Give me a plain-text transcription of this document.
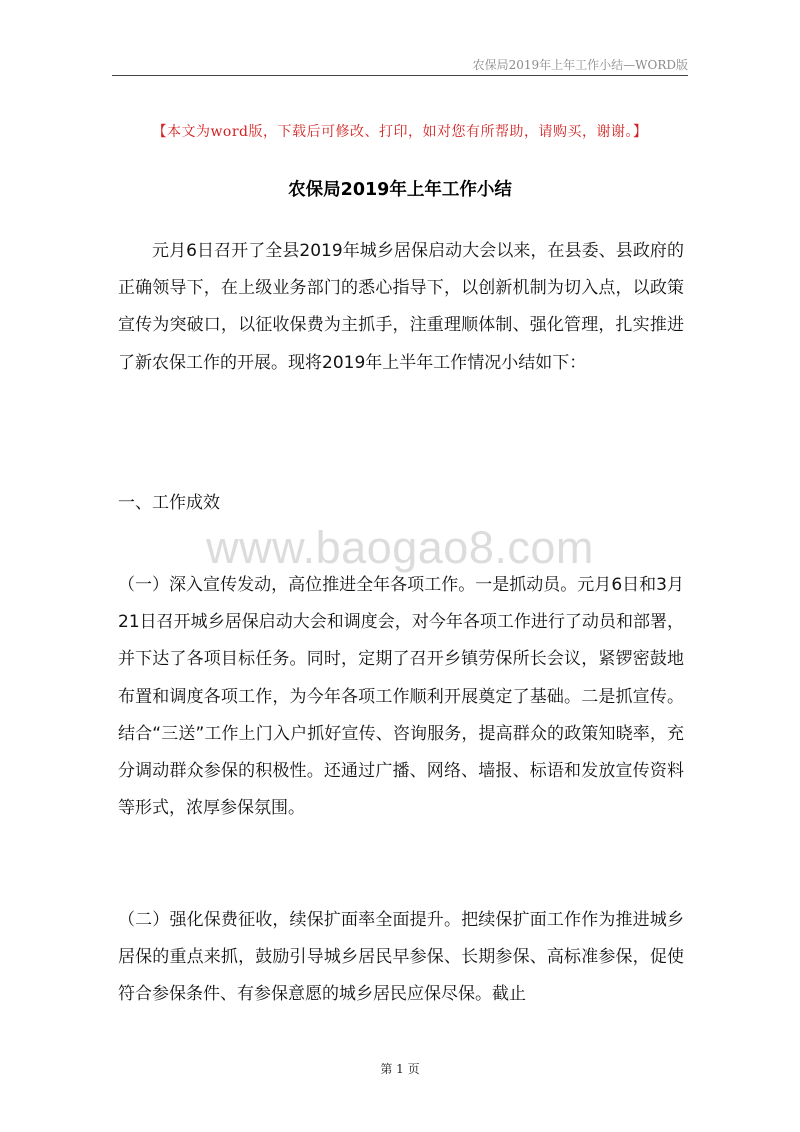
农保局2019年上年工作小结—WORD版
【本文为word版，下载后可修改、打印，如对您有所帮助，请购买，谢谢。】
农保局2019年上年工作小结

元月6日召开了全县2019年城乡居保启动大会以来，在县委、县政府的正确领导下，在上级业务部门的悉心指导下，以创新机制为切入点，以政策宣传为突破口，以征收保费为主抓手，注重理顺体制、强化管理，扎实推进了新农保工作的开展。现将2019年上半年工作情况小结如下：

一、工作成效

www.baogao8.com

（一）深入宣传发动，高位推进全年各项工作。一是抓动员。元月6日和3月21日召开城乡居保启动大会和调度会，对今年各项工作进行了动员和部署，并下达了各项目标任务。同时，定期了召开乡镇劳保所长会议，紧锣密鼓地布置和调度各项工作，为今年各项工作顺利开展奠定了基础。二是抓宣传。结合“三送”工作上门入户抓好宣传、咨询服务，提高群众的政策知晓率，充分调动群众参保的积极性。还通过广播、网络、墙报、标语和发放宣传资料等形式，浓厚参保氛围。

（二）强化保费征收，续保扩面率全面提升。把续保扩面工作作为推进城乡居保的重点来抓，鼓励引导城乡居民早参保、长期参保、高标准参保，促使符合参保条件、有参保意愿的城乡居民应保尽保。截止

第 1 页
